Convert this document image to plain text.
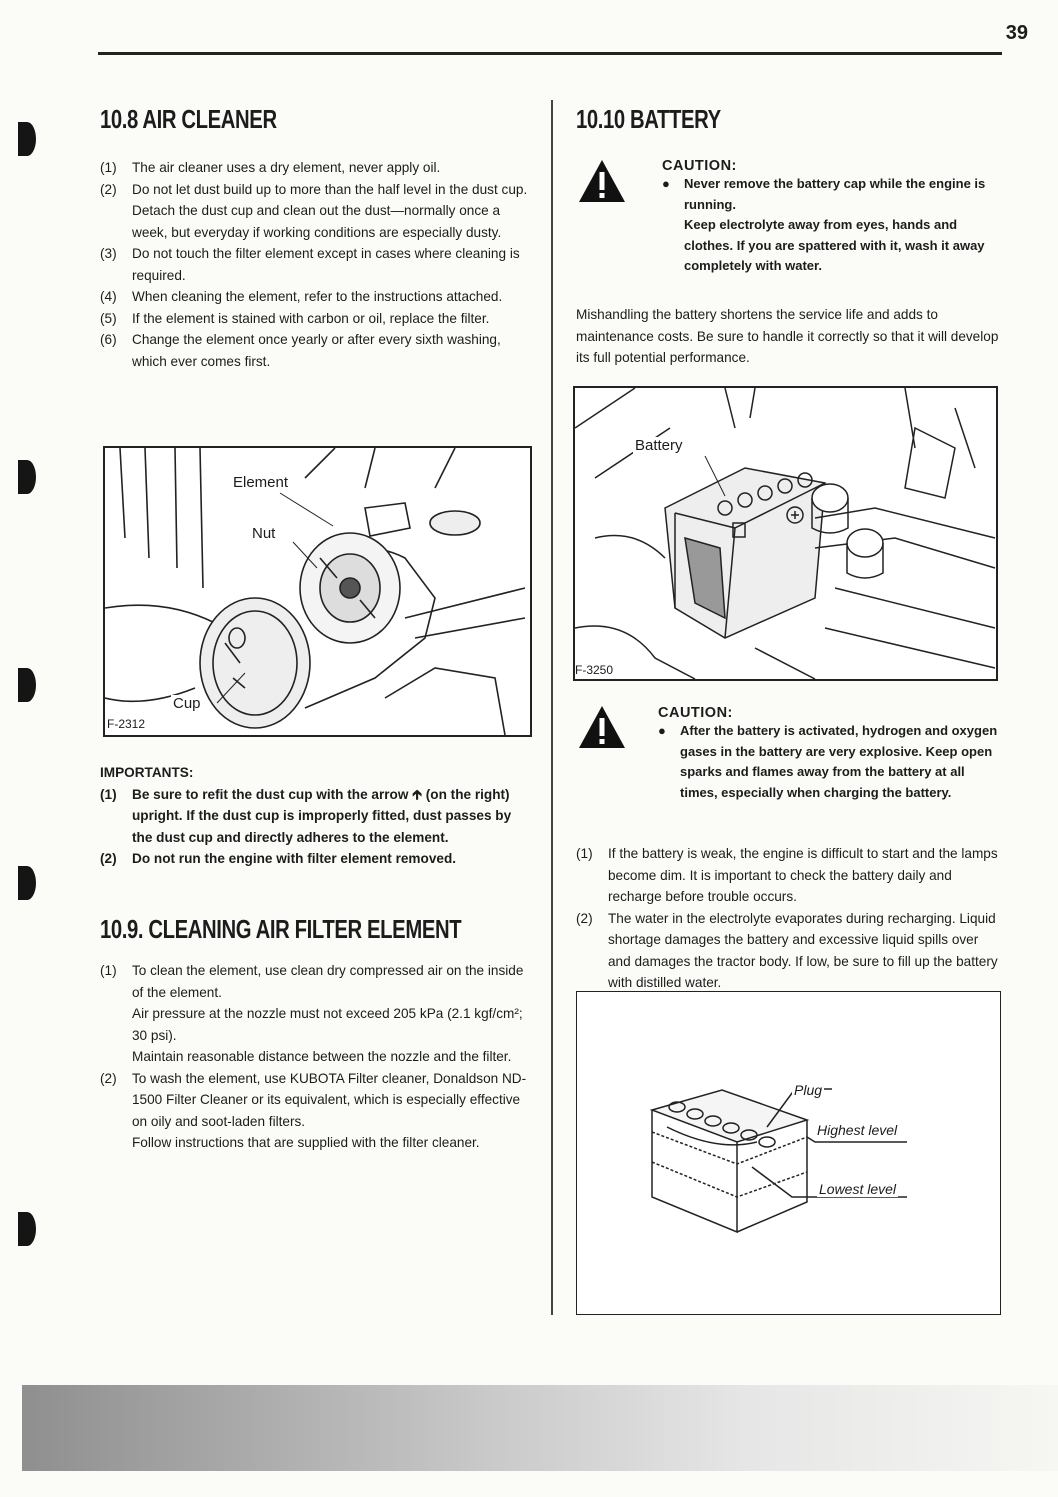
39
10.8 AIR CLEANER

(1) The air cleaner uses a dry element, never apply oil.

(2) Do not let dust build up to more than the half level in the dust cup. Detach the dust cup and clean out the dust—normally once a week, but everyday if working conditions are especially dusty.

(3) Do not touch the filter element except in cases where cleaning is required.

(4) When cleaning the element, refer to the instructions attached.

(5) If the element is stained with carbon or oil, replace the filter.

(6) Change the element once yearly or after every sixth washing, which ever comes first.

Element
Nut
Cup
F-2312
IMPORTANTS:

(1) Be sure to refit the dust cup with the arrow 🡱 (on the right) upright. If the dust cup is improperly fitted, dust passes by the dust cup and directly adheres to the element.

(2) Do not run the engine with filter element removed.

10.9. CLEANING AIR FILTER ELEMENT
(1) To clean the element, use clean dry compressed air on the inside of the element.
Air pressure at the nozzle must not exceed 205 kPa (2.1 kgf/cm²; 30 psi).
Maintain reasonable distance between the nozzle and the filter.
(2) To wash the element, use KUBOTA Filter cleaner, Donaldson ND-1500 Filter Cleaner or its equivalent, which is especially effective on oily and soot-laden filters.
Follow instructions that are supplied with the filter cleaner.
10.10 BATTERY
CAUTION:
● Never remove the battery cap while the engine is running.
Keep electrolyte away from eyes, hands and clothes. If you are spattered with it, wash it away completely with water.
Mishandling the battery shortens the service life and adds to maintenance costs. Be sure to handle it correctly so that it will develop its full potential performance.
Battery
F-3250
CAUTION:
● After the battery is activated, hydrogen and oxygen gases in the battery are very explosive. Keep open sparks and flames away from the battery at all times, especially when charging the battery.

(1) If the battery is weak, the engine is difficult to start and the lamps become dim. It is important to check the battery daily and recharge before trouble occurs.

(2) The water in the electrolyte evaporates during recharging. Liquid shortage damages the battery and excessive liquid spills over and damages the tractor body. If low, be sure to fill up the battery with distilled water.

Plug
Highest level
Lowest level
